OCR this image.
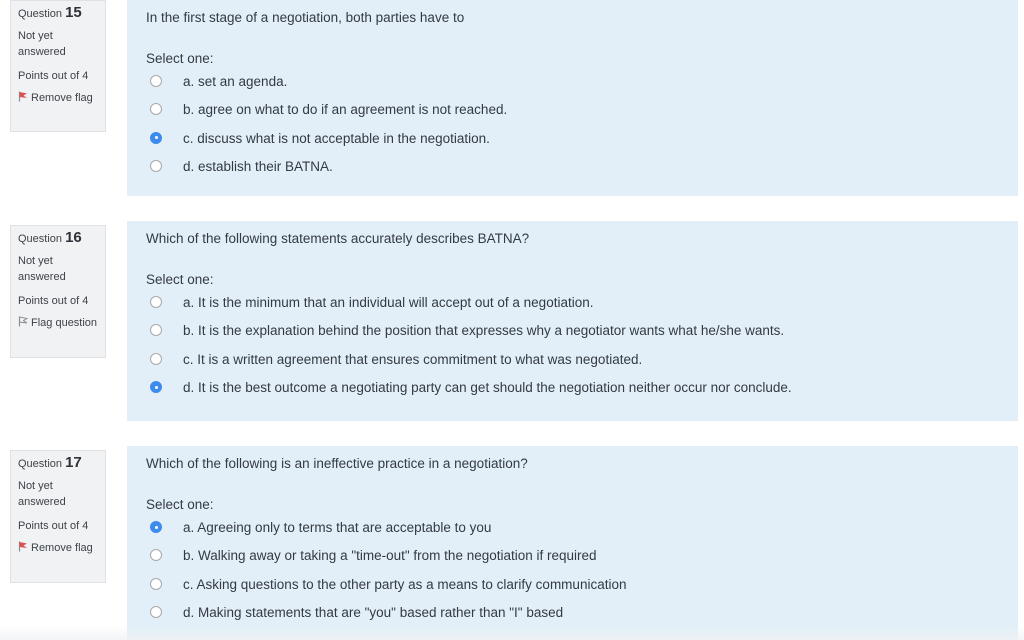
Question 15
Not yet answered
Points out of 4
Remove flag
In the first stage of a negotiation, both parties have to
Select one:
a. set an agenda.
b. agree on what to do if an agreement is not reached.
c. discuss what is not acceptable in the negotiation.
d. establish their BATNA.
Question 16
Not yet answered
Points out of 4
Flag question
Which of the following statements accurately describes BATNA?
Select one:
a. It is the minimum that an individual will accept out of a negotiation.
b. It is the explanation behind the position that expresses why a negotiator wants what he/she wants.
c. It is a written agreement that ensures commitment to what was negotiated.
d. It is the best outcome a negotiating party can get should the negotiation neither occur nor conclude.
Question 17
Not yet answered
Points out of 4
Remove flag
Which of the following is an ineffective practice in a negotiation?
Select one:
a. Agreeing only to terms that are acceptable to you
b. Walking away or taking a "time-out" from the negotiation if required
c. Asking questions to the other party as a means to clarify communication
d. Making statements that are "you" based rather than "I" based
